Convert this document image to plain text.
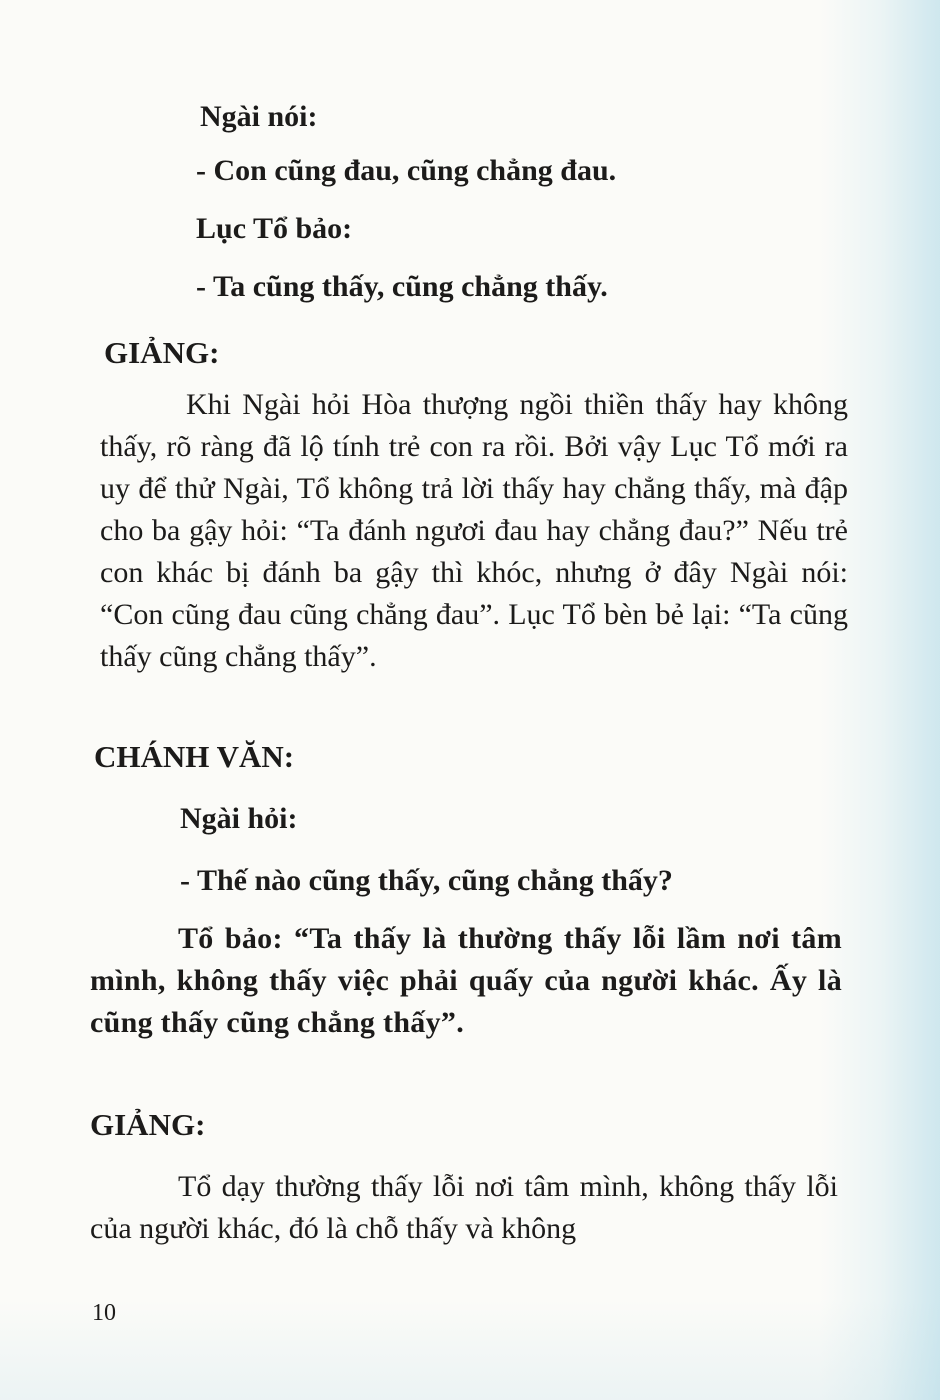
Ngài nói:

- Con cũng đau, cũng chẳng đau.

Lục Tổ bảo:

- Ta cũng thấy, cũng chẳng thấy.

GIẢNG:

Khi Ngài hỏi Hòa thượng ngồi thiền thấy hay không thấy, rõ ràng đã lộ tính trẻ con ra rồi. Bởi vậy Lục Tổ mới ra uy để thử Ngài, Tổ không trả lời thấy hay chẳng thấy, mà đập cho ba gậy hỏi: “Ta đánh ngươi đau hay chẳng đau?” Nếu trẻ con khác bị đánh ba gậy thì khóc, nhưng ở đây Ngài nói: “Con cũng đau cũng chẳng đau”. Lục Tổ bèn bẻ lại: “Ta cũng thấy cũng chẳng thấy”.

CHÁNH VĂN:

Ngài hỏi:

- Thế nào cũng thấy, cũng chẳng thấy?

Tổ bảo: “Ta thấy là thường thấy lỗi lầm nơi tâm mình, không thấy việc phải quấy của người khác. Ấy là cũng thấy cũng chẳng thấy”.

GIẢNG:

Tổ dạy thường thấy lỗi nơi tâm mình, không thấy lỗi của người khác, đó là chỗ thấy và không

10
